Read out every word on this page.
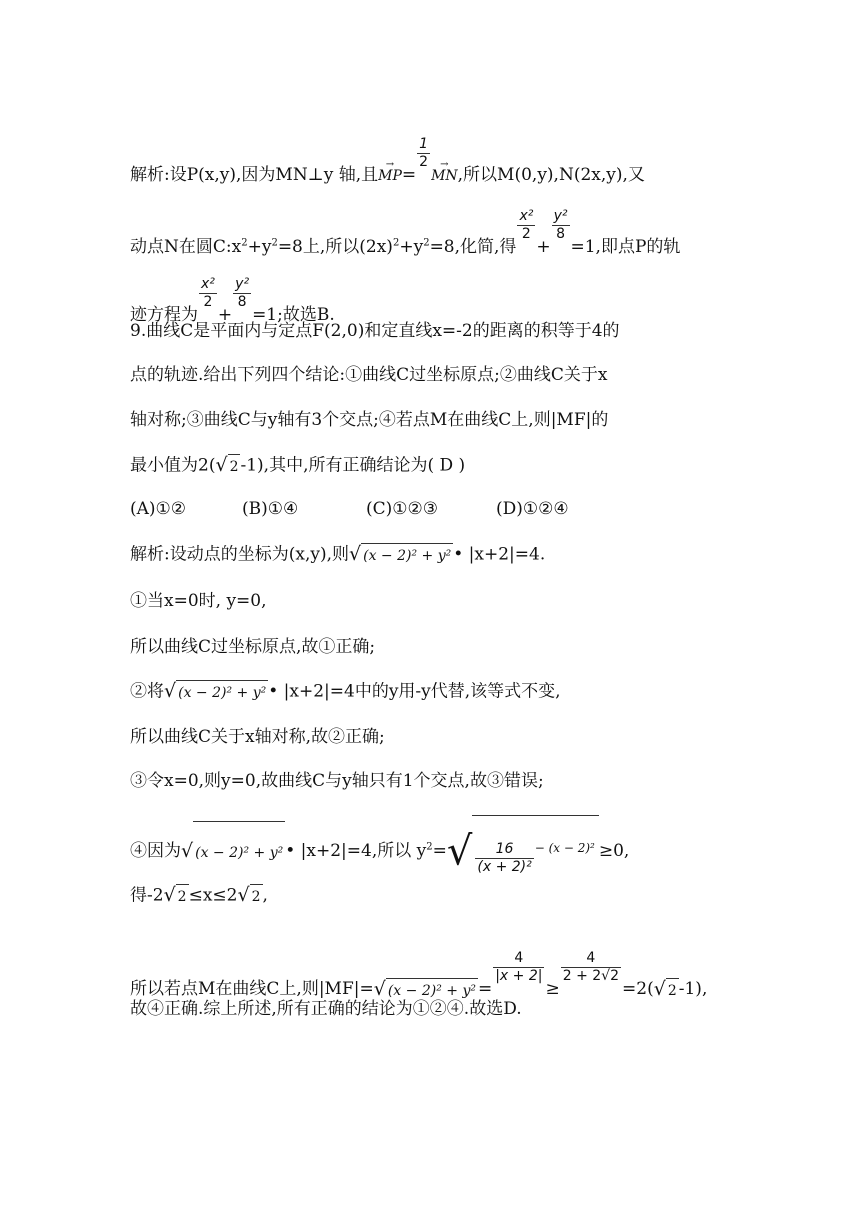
解析:设P(x,y),因为MN⊥y 轴,且→ MP=
$\frac{1}{2}$
→ MN,所以M(0,y),N(2x,y),又
动点N在圆$C:x^2+y^2=8$上,所以$(2x)^2+y^2=8$,化简,得
$\frac{\text{x²}}{2}$
+
$\frac{\text{y²}}{8}$
=1,即点P的轨
迹方程为
$\frac{\text{x²}}{2}$
+
$\frac{\text{y²}}{8}$
=1;故选B.
9.曲线C是平面内与定点F(2,0)和定直线x=-2的距离的积等于4的
点的轨迹.给出下列四个结论:①曲线C过坐标原点;②曲线C关于x
轴对称;③曲线C与y轴有3个交点;④若点M在曲线C上,则|MF|的
最小值为2(√ 2 -1),其中,所有正确结论为( D )
(A)①②	(B)①④	(C)①②③	(D)①②④
解析:设动点的坐标为(x,y),则√ (x − 2)² + y² • |x+2|=4.
①当x=0时, y=0,
所以曲线C过坐标原点,故①正确;
②将√ (x − 2)² + y² • |x+2|=4中的y用-y代替,该等式不变,
所以曲线C关于x轴对称,故②正确;
③令x=0,则y=0,故曲线C与y轴只有1个交点,故③错误;
④因为√ (x − 2)² + y² • |x+2|=4,所以 $y^2=√ \frac{16}{\text{(x + 2)²}} - (x - 2)^2 \ge 0$,
得-2√ 2 ≤x≤2√ 2 ,
所以若点M在曲线C上,则|MF|=√ (x − 2)² + y² =
$\frac{4}{|x + 2|}$
≥
$\frac{4}{2 + 2√2}$
=2(√ 2 -1),
故④正确.综上所述,所有正确的结论为①②④.故选D.
